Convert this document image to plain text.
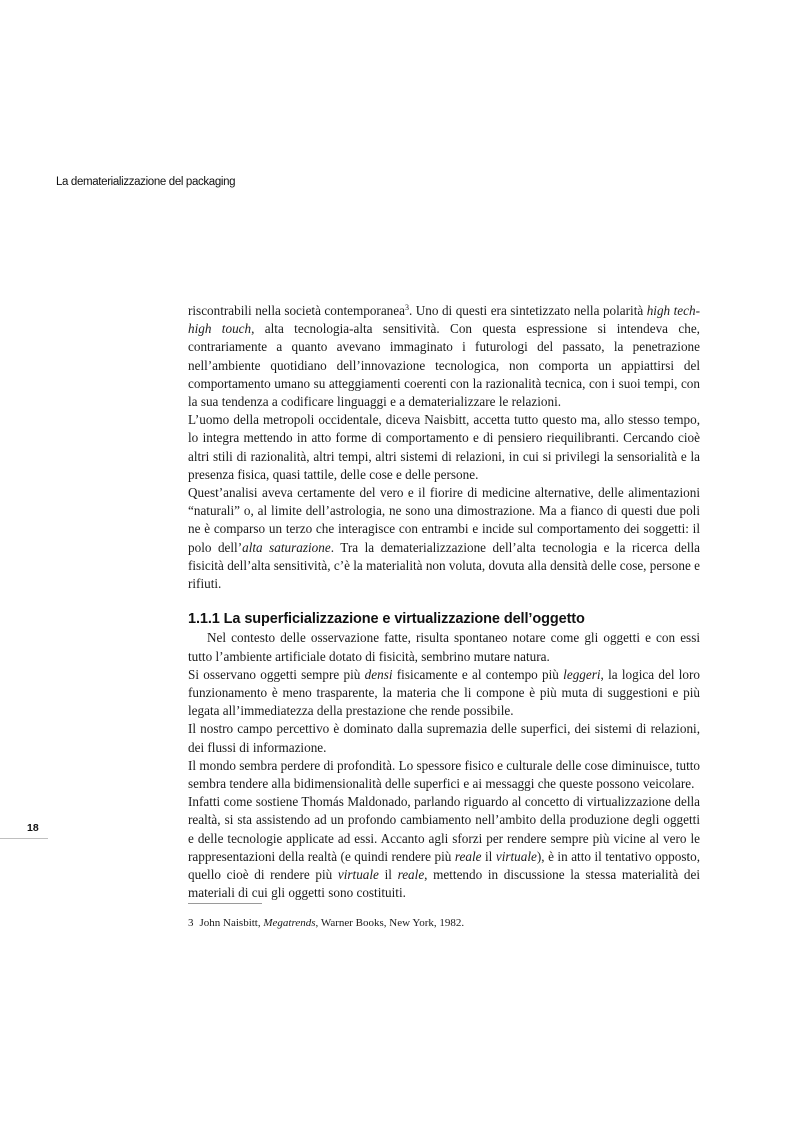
La dematerializzazione del packaging

riscontrabili nella società contemporanea$^3$. Uno di questi era sintetizzato nella polarità high tech-high touch, alta tecnologia-alta sensitività. Con questa espressione si intendeva che, contrariamente a quanto avevano immaginato i futurologi del passato, la penetrazione nell’ambiente quotidiano dell’innovazione tecnologica, non comporta un appiattirsi del comportamento umano su atteggiamenti coerenti con la razionalità tecnica, con i suoi tempi, con la sua tendenza a codificare linguaggi e a dematerializzare le relazioni.

L’uomo della metropoli occidentale, diceva Naisbitt, accetta tutto questo ma, allo stesso tempo, lo integra mettendo in atto forme di comportamento e di pensiero riequilibranti. Cercando cioè altri stili di razionalità, altri tempi, altri sistemi di relazioni, in cui si privilegi la sensorialità e la presenza fisica, quasi tattile, delle cose e delle persone.

Quest’analisi aveva certamente del vero e il fiorire di medicine alternative, delle alimentazioni “naturali” o, al limite dell’astrologia, ne sono una dimostrazione. Ma a fianco di questi due poli ne è comparso un terzo che interagisce con entrambi e incide sul comportamento dei soggetti: il polo dell’alta saturazione. Tra la dematerializzazione dell’alta tecnologia e la ricerca della fisicità dell’alta sensitività, c’è la materialità non voluta, dovuta alla densità delle cose, persone e rifiuti.

1.1.1 La superficializzazione e virtualizzazione dell’oggetto

Nel contesto delle osservazione fatte, risulta spontaneo notare come gli oggetti e con essi tutto l’ambiente artificiale dotato di fisicità, sembrino mutare natura.

Si osservano oggetti sempre più densi fisicamente e al contempo più leggeri, la logica del loro funzionamento è meno trasparente, la materia che li compone è più muta di suggestioni e più legata all’immediatezza della prestazione che rende possibile.

Il nostro campo percettivo è dominato dalla supremazia delle superfici, dei sistemi di relazioni, dei flussi di informazione.

Il mondo sembra perdere di profondità. Lo spessore fisico e culturale delle cose diminuisce, tutto sembra tendere alla bidimensionalità delle superfici e ai messaggi che queste possono veicolare.

Infatti come sostiene Thomás Maldonado, parlando riguardo al concetto di virtualizzazione della realtà, si sta assistendo ad un profondo cambiamento nell’ambito della produzione degli oggetti e delle tecnologie applicate ad essi. Accanto agli sforzi per rendere sempre più vicine al vero le rappresentazioni della realtà (e quindi rendere più reale il virtuale), è in atto il tentativo opposto, quello cioè di rendere più virtuale il reale, mettendo in discussione la stessa materialità dei materiali di cui gli oggetti sono costituiti.

18
3 John Naisbitt, Megatrends, Warner Books, New York, 1982.
